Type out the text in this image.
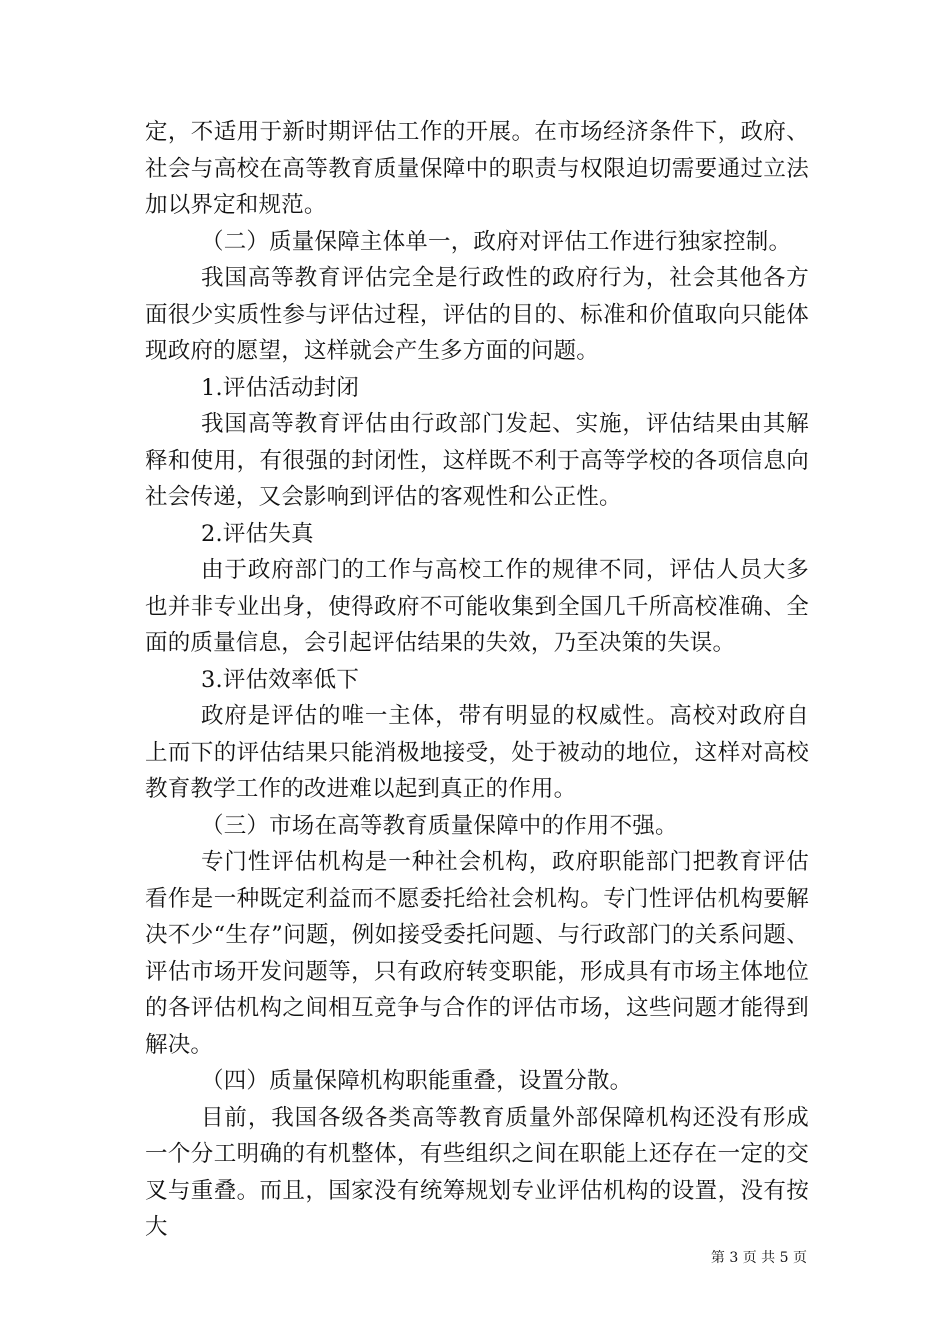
定，不适用于新时期评估工作的开展。在市场经济条件下，政府、社会与高校在高等教育质量保障中的职责与权限迫切需要通过立法加以界定和规范。

（二）质量保障主体单一，政府对评估工作进行独家控制。

我国高等教育评估完全是行政性的政府行为，社会其他各方面很少实质性参与评估过程，评估的目的、标准和价值取向只能体现政府的愿望，这样就会产生多方面的问题。

1.评估活动封闭

我国高等教育评估由行政部门发起、实施，评估结果由其解释和使用，有很强的封闭性，这样既不利于高等学校的各项信息向社会传递，又会影响到评估的客观性和公正性。

2.评估失真

由于政府部门的工作与高校工作的规律不同，评估人员大多也并非专业出身，使得政府不可能收集到全国几千所高校准确、全面的质量信息，会引起评估结果的失效，乃至决策的失误。

3.评估效率低下

政府是评估的唯一主体，带有明显的权威性。高校对政府自上而下的评估结果只能消极地接受，处于被动的地位，这样对高校教育教学工作的改进难以起到真正的作用。

（三）市场在高等教育质量保障中的作用不强。

专门性评估机构是一种社会机构，政府职能部门把教育评估看作是一种既定利益而不愿委托给社会机构。专门性评估机构要解决不少“生存”问题，例如接受委托问题、与行政部门的关系问题、评估市场开发问题等，只有政府转变职能，形成具有市场主体地位的各评估机构之间相互竞争与合作的评估市场，这些问题才能得到解决。

（四）质量保障机构职能重叠，设置分散。

目前，我国各级各类高等教育质量外部保障机构还没有形成一个分工明确的有机整体，有些组织之间在职能上还存在一定的交叉与重叠。而且，国家没有统筹规划专业评估机构的设置，没有按大

第 3 页 共 5 页
